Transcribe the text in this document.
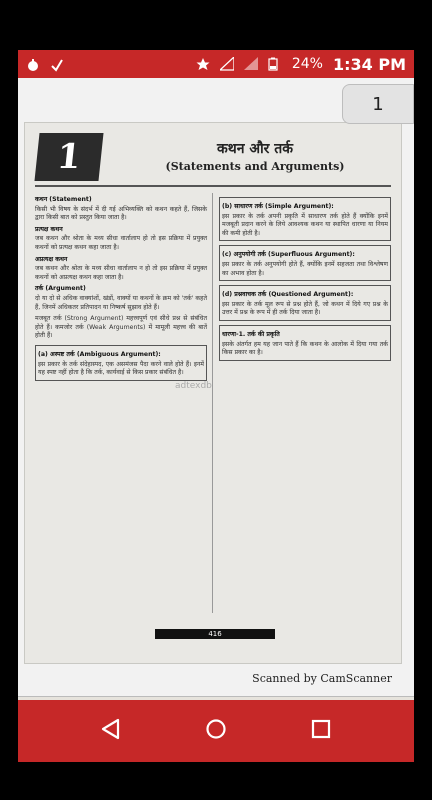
24% 1:34 PM
1	कथन और तर्क
(Statements and Arguments)
कथन (Statement)

किसी भी विषय के संदर्भ में दी गई अभिव्यक्ति को कथन कहते हैं, जिसके द्वारा किसी बात को प्रस्तुत किया जाता है।

प्रत्यक्ष कथन

जब कथन और श्रोता के मध्य सीधा वार्तालाप हो तो इस प्रक्रिया में प्रयुक्त कथनों को प्रत्यक्ष कथन कहा जाता है।

अप्रत्यक्ष कथन

जब कथन और श्रोता के मध्य सीधा वार्तालाप न हो तो इस प्रक्रिया में प्रयुक्त कथनों को अप्रत्यक्ष कथन कहा जाता है।

तर्क (Argument)

दो या दो से अधिक वाक्यांशों, खंडों, वाक्यों या कथनों के क्रम को 'तर्क' कहते हैं, जिनमें अधिकतर प्रतिपादन या निष्कर्ष सुझाव होते हैं।

मजबूत तर्क (Strong Argument) महत्त्वपूर्ण एवं सीधे प्रश्न से संबंधित होते हैं। कमजोर तर्क (Weak Arguments) में मामूली महत्त्व की बातें होती हैं।

(a) अस्पष्ट तर्क (Ambiguous Argument):

इस प्रकार के तर्क संदेहास्पद, एक असमंजस पैदा करने वाले होते हैं। इनमें यह स्पष्ट नहीं होता है कि तर्क, कार्यवाई से किस प्रकार संबंधित है।

(b) साधारण तर्क (Simple Argument):

इस प्रकार के तर्क अपनी प्रकृति में साधारण तर्क होते हैं क्योंकि इनमें मजबूती प्रदान करने के लिये आवश्यक कथन या स्थापित धारणा या नियम की कमी होती है।

(c) अनुपयोगी तर्क (Superfluous Argument):

इस प्रकार के तर्क अनुपयोगी होते हैं, क्योंकि इनमें सहजता तथा विश्लेषण का अभाव होता है।

(d) प्रश्नवाचक तर्क (Questioned Argument):

इस प्रकार के तर्क मूल रूप से प्रश्न होते हैं, जो कथन में दिये गए प्रश्न के उत्तर में प्रश्न के रूप में ही तर्क दिया जाता है।

धारणा-1. तर्क की प्रकृति

इसके अंतर्गत हम यह जान पाते हैं कि कथन के आलोक में दिया गया तर्क किस प्रकार का है।

adtexdb
416
1
Scanned by CamScanner
